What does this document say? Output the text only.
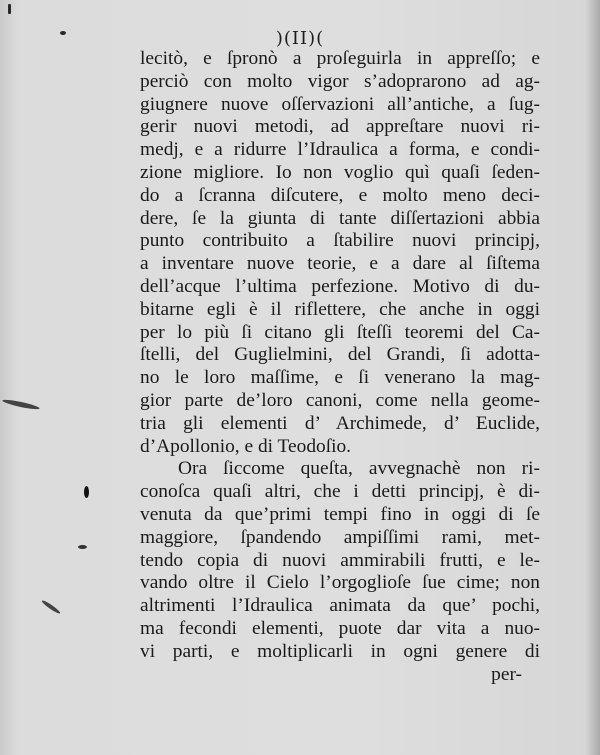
)(II)(
lecitò, e ſpronò a proſeguirla in appreſſo; e
perciò con molto vigor s’adoprarono ad ag-
giugnere nuove oſſervazioni all’antiche, a ſug-
gerir nuovi metodi, ad appreſtare nuovi ri-
medj, e a ridurre l’Idraulica a forma, e condi-
zione migliore. Io non voglio quì quaſi ſeden-
do a ſcranna diſcutere, e molto meno deci-
dere, ſe la giunta di tante diſſertazioni abbia
punto contribuito a ſtabilire nuovi principj,
a inventare nuove teorie, e a dare al ſiſtema
dell’acque l’ultima perfezione. Motivo di du-
bitarne egli è il riflettere, che anche in oggi
per lo più ſi citano gli ſteſſi teoremi del Ca-
ſtelli, del Guglielmini, del Grandi, ſi adotta-
no le loro maſſime, e ſi venerano la mag-
gior parte de’loro canoni, come nella geome-
tria gli elementi d’ Archimede, d’ Euclide,
d’Apollonio, e di Teodoſio.
Ora ſiccome queſta, avvegnachè non ri-
conoſca quaſi altri, che i detti principj, è di-
venuta da que’primi tempi fino in oggi di ſe
maggiore, ſpandendo ampiſſimi rami, met-
tendo copia di nuovi ammirabili frutti, e le-
vando oltre il Cielo l’orgoglioſe ſue cime; non
altrimenti l’Idraulica animata da que’ pochi,
ma fecondi elementi, puote dar vita a nuo-
vi parti, e moltiplicarli in ogni genere di
per-
